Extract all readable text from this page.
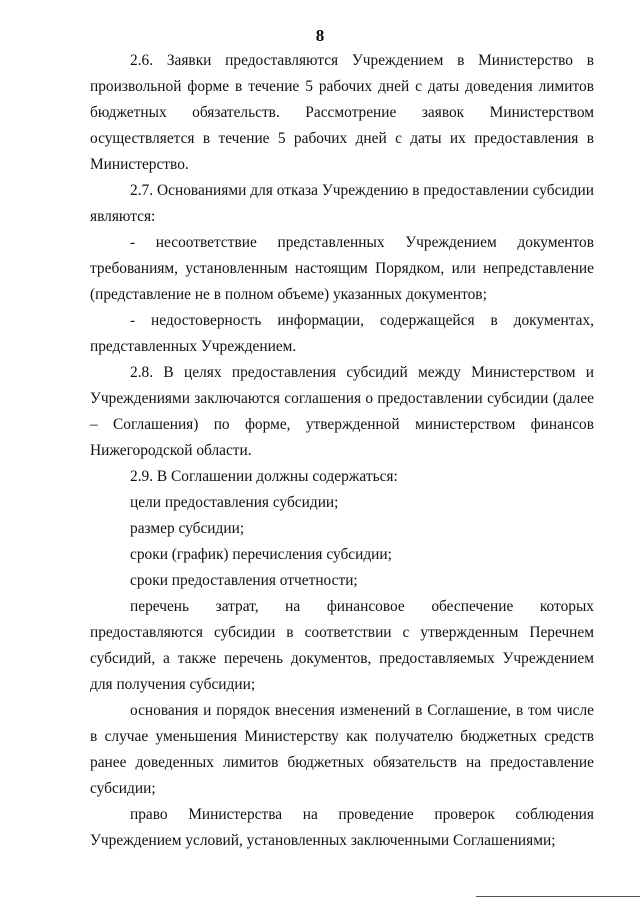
8

2.6. Заявки предоставляются Учреждением в Министерство в произвольной форме в течение 5 рабочих дней с даты доведения лимитов бюджетных обязательств. Рассмотрение заявок Министерством осуществляется в течение 5 рабочих дней с даты их предоставления в Министерство.

2.7. Основаниями для отказа Учреждению в предоставлении субсидии являются:

- несоответствие представленных Учреждением документов требованиям, установленным настоящим Порядком, или непредставление (представление не в полном объеме) указанных документов;

- недостоверность информации, содержащейся в документах, представленных Учреждением.

2.8. В целях предоставления субсидий между Министерством и Учреждениями заключаются соглашения о предоставлении субсидии (далее – Соглашения) по форме, утвержденной министерством финансов Нижегородской области.

2.9. В Соглашении должны содержаться:

цели предоставления субсидии;

размер субсидии;

сроки (график) перечисления субсидии;

сроки предоставления отчетности;

перечень затрат, на финансовое обеспечение которых предоставляются субсидии в соответствии с утвержденным Перечнем субсидий, а также перечень документов, предоставляемых Учреждением для получения субсидии;

основания и порядок внесения изменений в Соглашение, в том числе в случае уменьшения Министерству как получателю бюджетных средств ранее доведенных лимитов бюджетных обязательств на предоставление субсидии;

право Министерства на проведение проверок соблюдения Учреждением условий, установленных заключенными Соглашениями;
